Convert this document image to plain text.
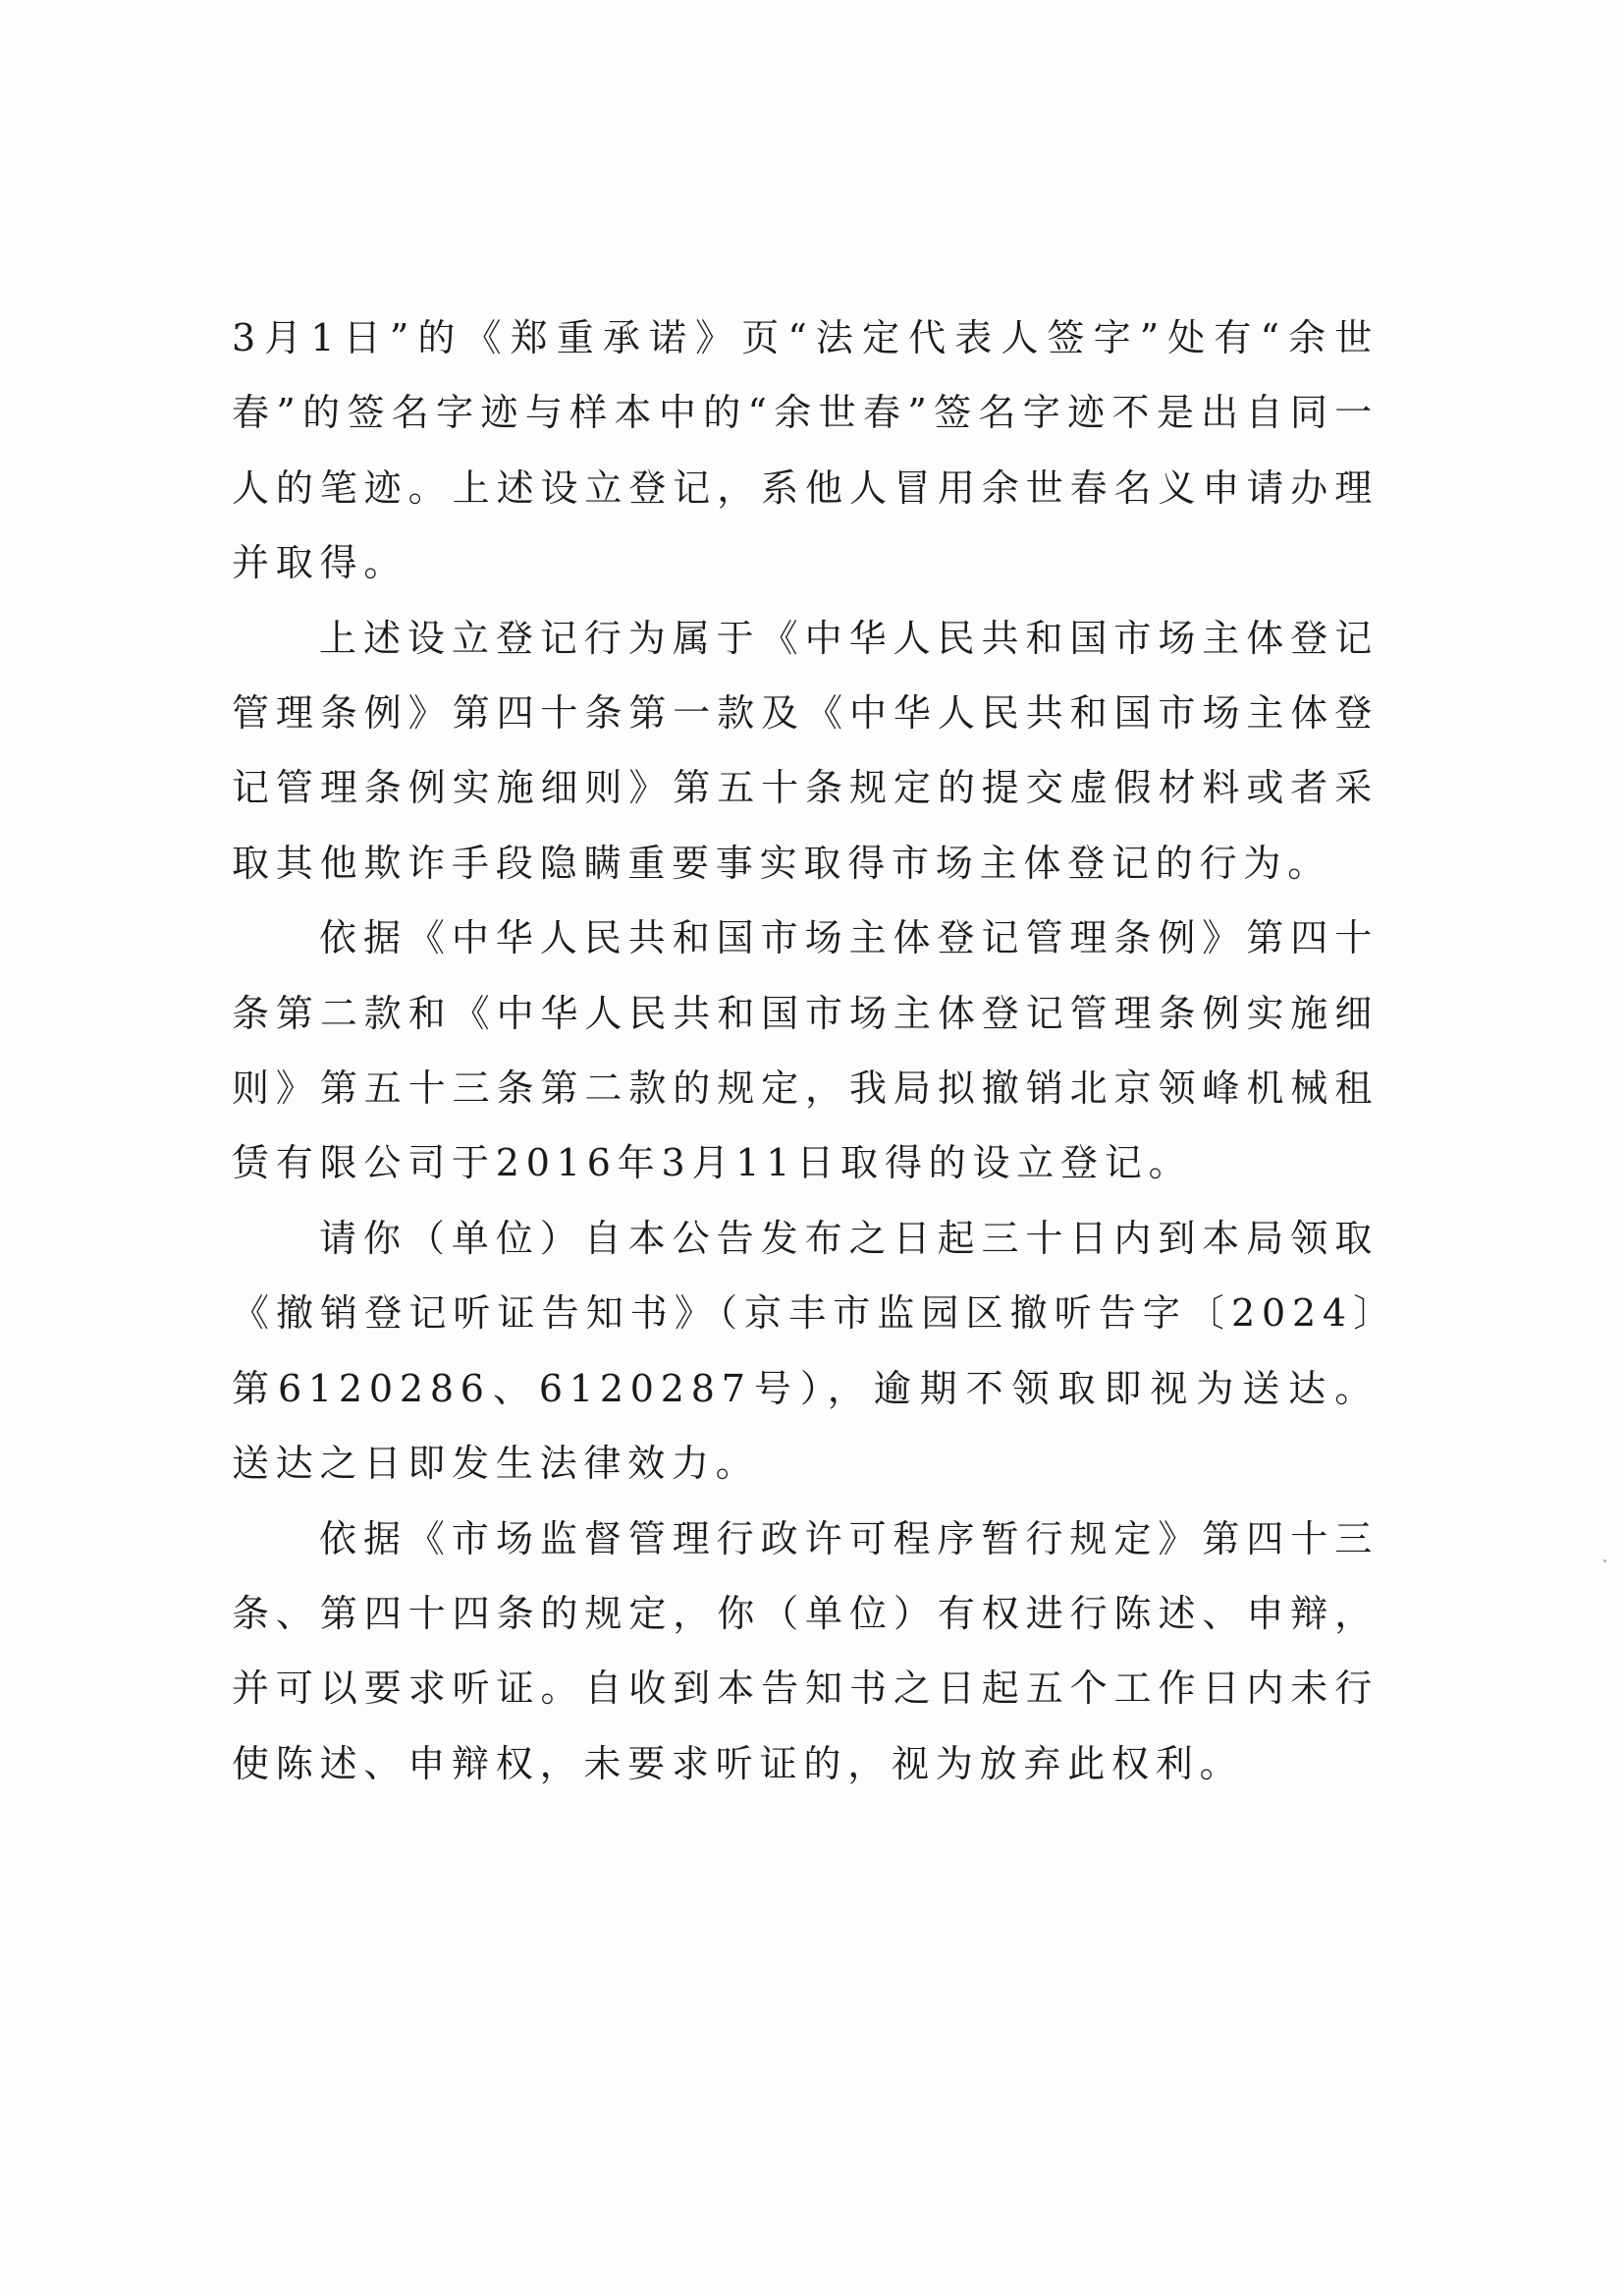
3月1日”的《郑重承诺》页“法定代表人签字”处有“余世春”的签名字迹与样本中的“余世春”签名字迹不是出自同一人的笔迹。上述设立登记，系他人冒用余世春名义申请办理并取得。

上述设立登记行为属于《中华人民共和国市场主体登记管理条例》第四十条第一款及《中华人民共和国市场主体登记管理条例实施细则》第五十条规定的提交虚假材料或者采取其他欺诈手段隐瞒重要事实取得市场主体登记的行为。

依据《中华人民共和国市场主体登记管理条例》第四十条第二款和《中华人民共和国市场主体登记管理条例实施细则》第五十三条第二款的规定，我局拟撤销北京领峰机械租赁有限公司于2016年3月11日取得的设立登记。

请你（单位）自本公告发布之日起三十日内到本局领取《撤销登记听证告知书》（京丰市监园区撤听告字〔2024〕第6120286、6120287号），逾期不领取即视为送达。送达之日即发生法律效力。

依据《市场监督管理行政许可程序暂行规定》第四十三条、第四十四条的规定，你（单位）有权进行陈述、申辩，并可以要求听证。自收到本告知书之日起五个工作日内未行使陈述、申辩权，未要求听证的，视为放弃此权利。
